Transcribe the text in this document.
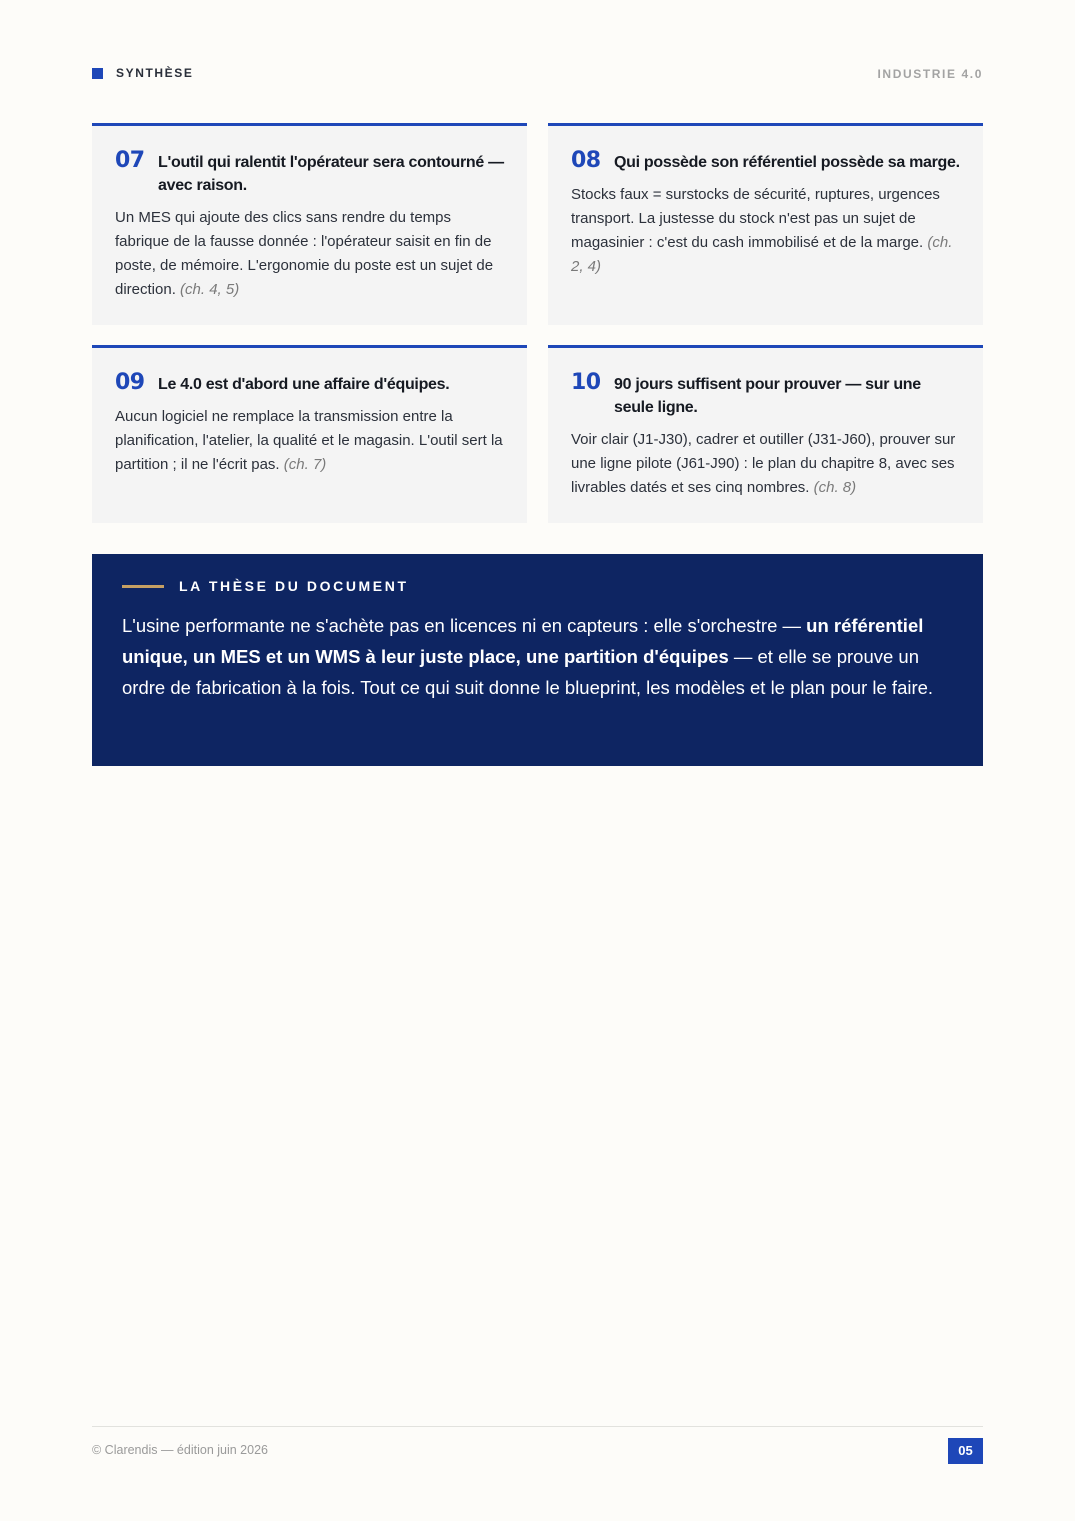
SYNTHÈSE	INDUSTRIE 4.0
07 L'outil qui ralentit l'opérateur sera contourné — avec raison.
Un MES qui ajoute des clics sans rendre du temps fabrique de la fausse donnée : l'opérateur saisit en fin de poste, de mémoire. L'ergonomie du poste est un sujet de direction. (ch. 4, 5)
08 Qui possède son référentiel possède sa marge.
Stocks faux = surstocks de sécurité, ruptures, urgences transport. La justesse du stock n'est pas un sujet de magasinier : c'est du cash immobilisé et de la marge. (ch. 2, 4)
09 Le 4.0 est d'abord une affaire d'équipes.
Aucun logiciel ne remplace la transmission entre la planification, l'atelier, la qualité et le magasin. L'outil sert la partition ; il ne l'écrit pas. (ch. 7)
10 90 jours suffisent pour prouver — sur une seule ligne.
Voir clair (J1-J30), cadrer et outiller (J31-J60), prouver sur une ligne pilote (J61-J90) : le plan du chapitre 8, avec ses livrables datés et ses cinq nombres. (ch. 8)
LA THÈSE DU DOCUMENT
L'usine performante ne s'achète pas en licences ni en capteurs : elle s'orchestre — un référentiel unique, un MES et un WMS à leur juste place, une partition d'équipes — et elle se prouve un ordre de fabrication à la fois. Tout ce qui suit donne le blueprint, les modèles et le plan pour le faire.
© Clarendis — édition juin 2026	05
